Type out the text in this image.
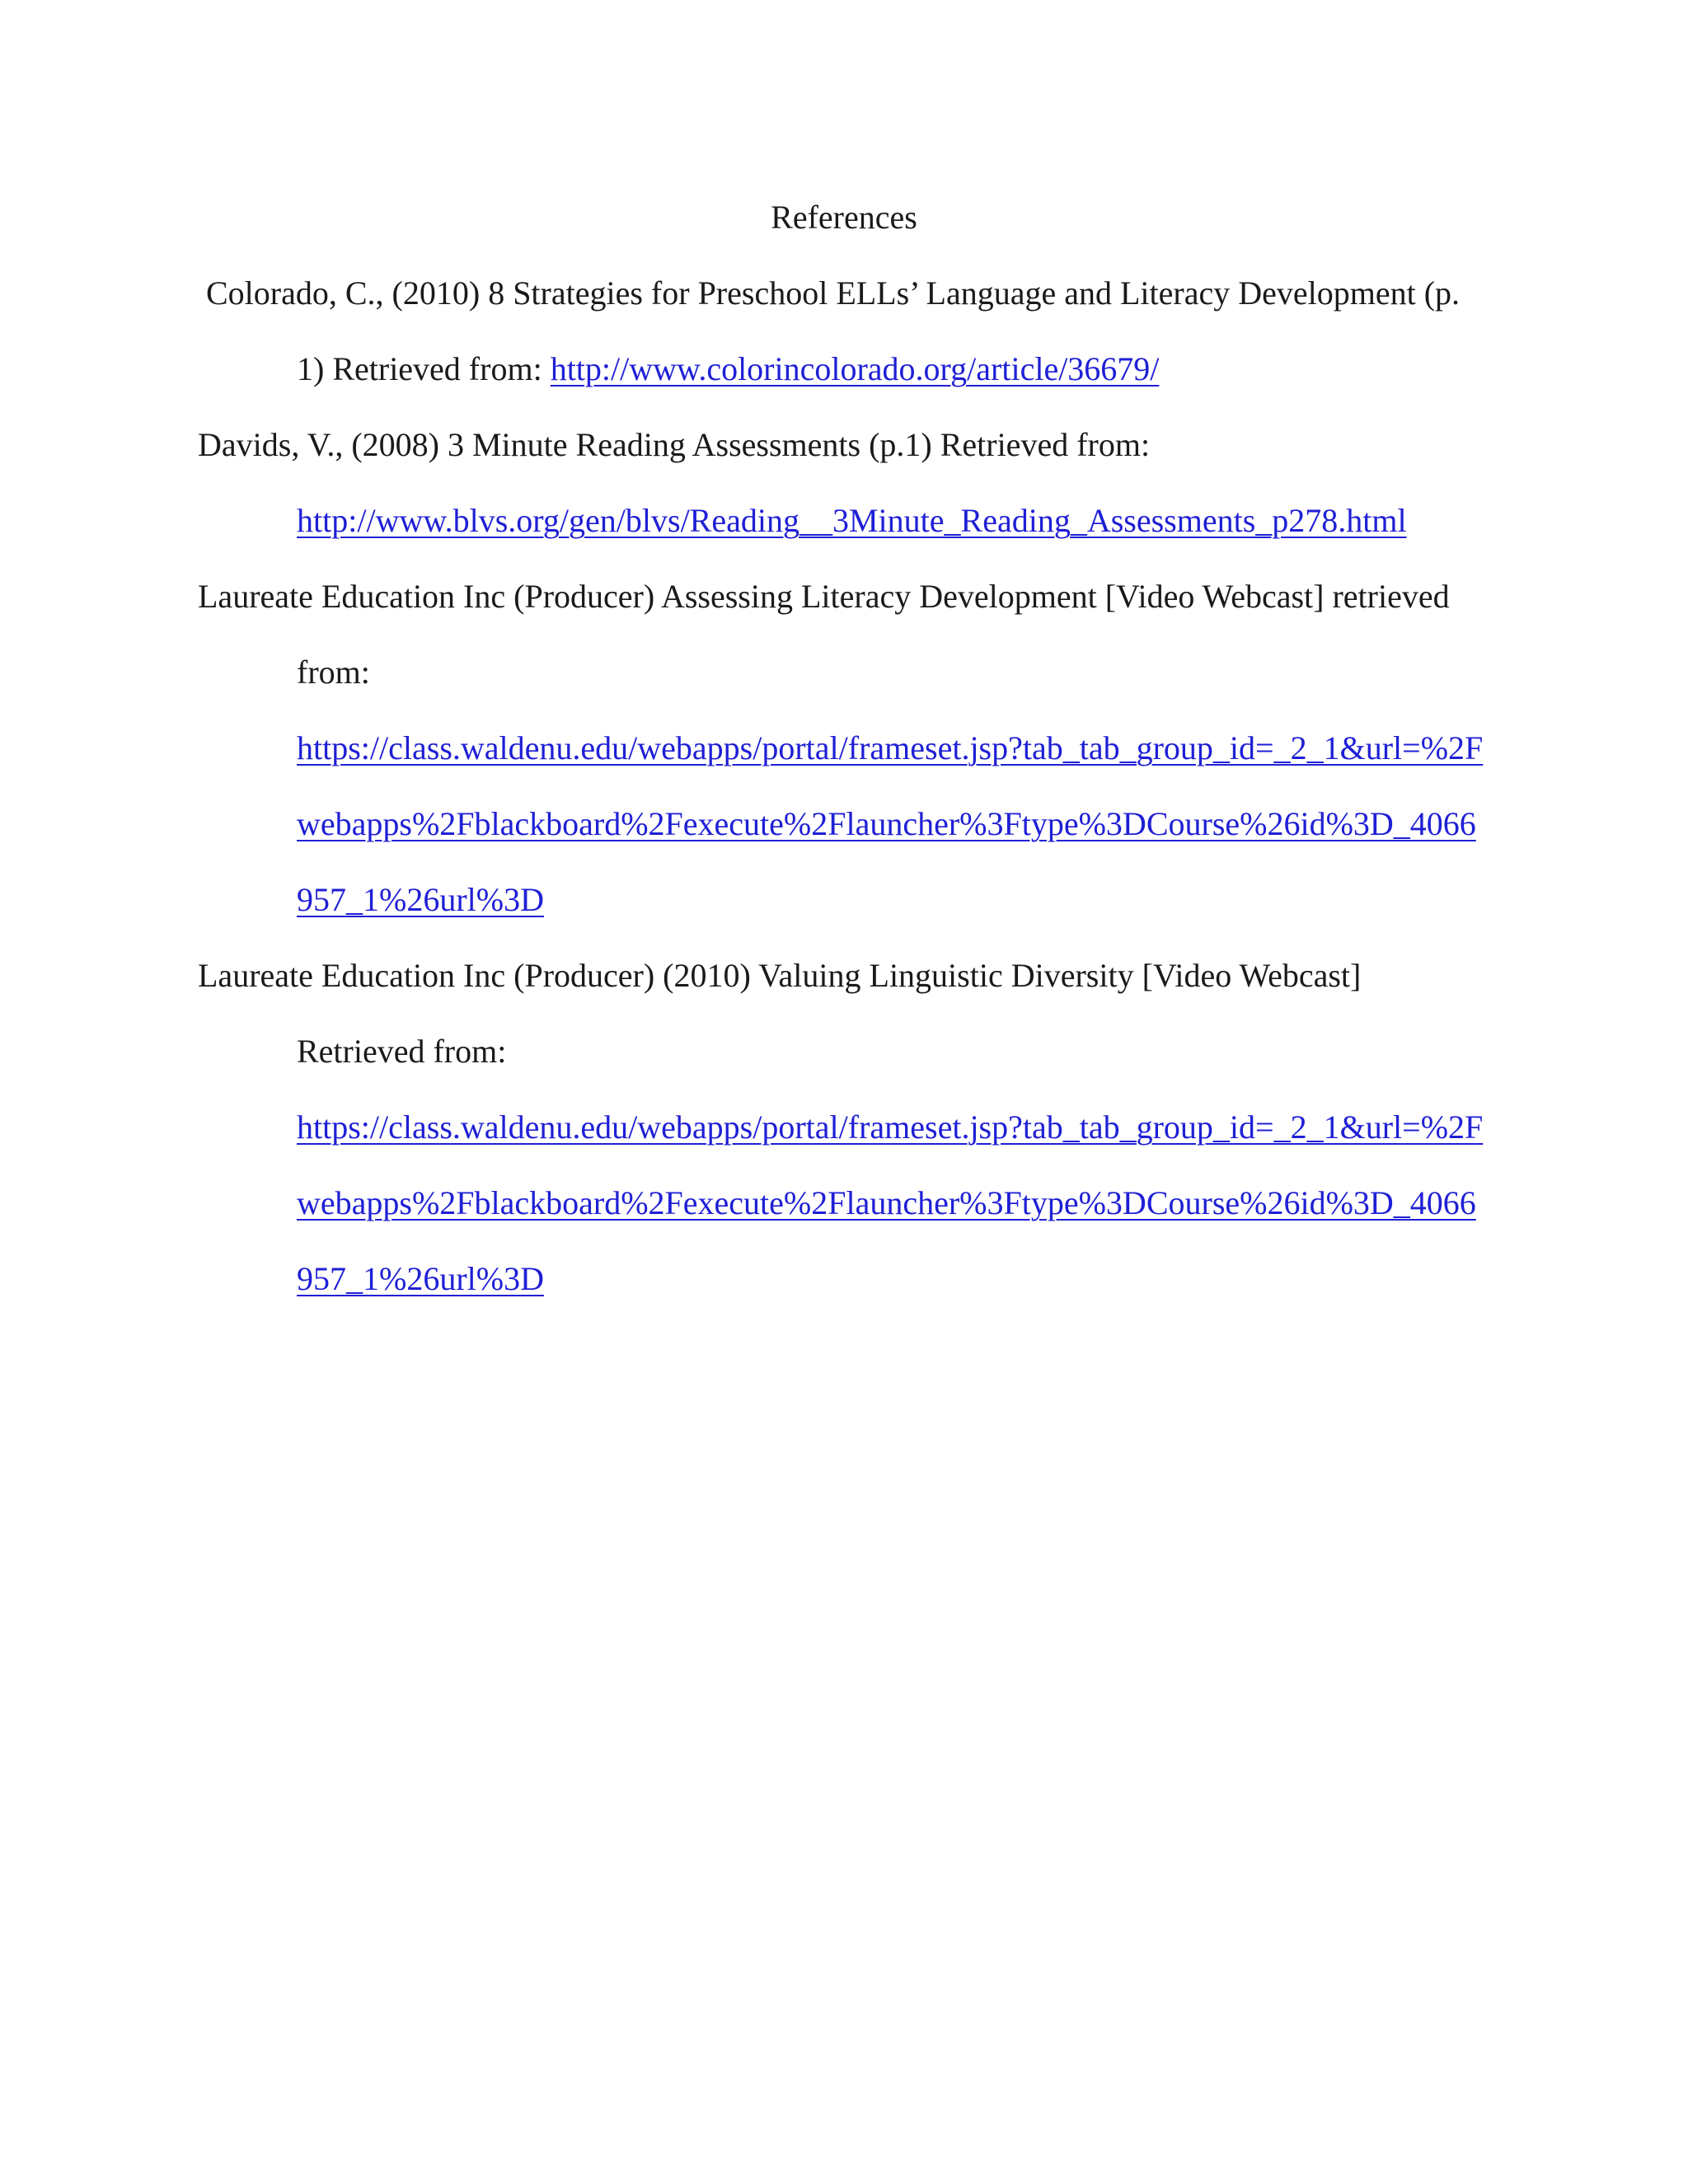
References
Colorado, C., (2010) 8 Strategies for Preschool ELLs’ Language and Literacy Development (p.
1) Retrieved from: http://www.colorincolorado.org/article/36679/
Davids, V., (2008) 3 Minute Reading Assessments (p.1) Retrieved from:
http://www.blvs.org/gen/blvs/Reading__3Minute_Reading_Assessments_p278.html
Laureate Education Inc (Producer) Assessing Literacy Development [Video Webcast] retrieved
from:
https://class.waldenu.edu/webapps/portal/frameset.jsp?tab_tab_group_id=_2_1&url=%2F
webapps%2Fblackboard%2Fexecute%2Flauncher%3Ftype%3DCourse%26id%3D_4066
957_1%26url%3D
Laureate Education Inc (Producer) (2010) Valuing Linguistic Diversity [Video Webcast]
Retrieved from:
https://class.waldenu.edu/webapps/portal/frameset.jsp?tab_tab_group_id=_2_1&url=%2F
webapps%2Fblackboard%2Fexecute%2Flauncher%3Ftype%3DCourse%26id%3D_4066
957_1%26url%3D
